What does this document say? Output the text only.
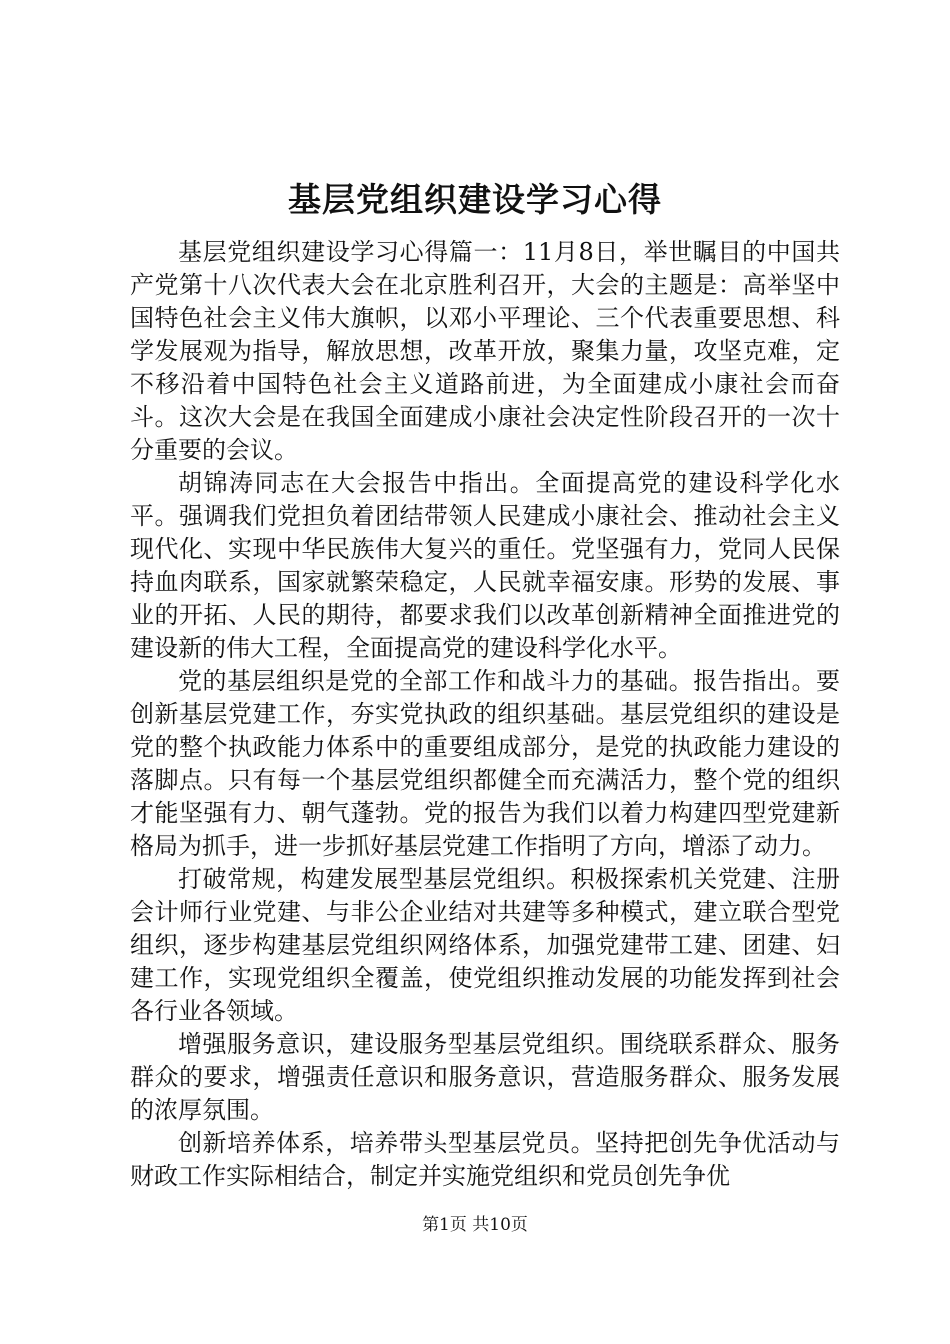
基层党组织建设学习心得

基层党组织建设学习心得篇一：11月8日，举世瞩目的中国共产党第十八次代表大会在北京胜利召开，大会的主题是：高举坚中国特色社会主义伟大旗帜，以邓小平理论、三个代表重要思想、科学发展观为指导，解放思想，改革开放，聚集力量，攻坚克难，定不移沿着中国特色社会主义道路前进，为全面建成小康社会而奋斗。这次大会是在我国全面建成小康社会决定性阶段召开的一次十分重要的会议。

胡锦涛同志在大会报告中指出。全面提高党的建设科学化水平。强调我们党担负着团结带领人民建成小康社会、推动社会主义现代化、实现中华民族伟大复兴的重任。党坚强有力，党同人民保持血肉联系，国家就繁荣稳定，人民就幸福安康。形势的发展、事业的开拓、人民的期待，都要求我们以改革创新精神全面推进党的建设新的伟大工程，全面提高党的建设科学化水平。

党的基层组织是党的全部工作和战斗力的基础。报告指出。要创新基层党建工作，夯实党执政的组织基础。基层党组织的建设是党的整个执政能力体系中的重要组成部分，是党的执政能力建设的落脚点。只有每一个基层党组织都健全而充满活力，整个党的组织才能坚强有力、朝气蓬勃。党的报告为我们以着力构建四型党建新格局为抓手，进一步抓好基层党建工作指明了方向，增添了动力。

打破常规，构建发展型基层党组织。积极探索机关党建、注册会计师行业党建、与非公企业结对共建等多种模式，建立联合型党组织，逐步构建基层党组织网络体系，加强党建带工建、团建、妇建工作，实现党组织全覆盖，使党组织推动发展的功能发挥到社会各行业各领域。

增强服务意识，建设服务型基层党组织。围绕联系群众、服务群众的要求，增强责任意识和服务意识，营造服务群众、服务发展的浓厚氛围。

创新培养体系，培养带头型基层党员。坚持把创先争优活动与财政工作实际相结合，制定并实施党组织和党员创先争优

第1页 共10页
